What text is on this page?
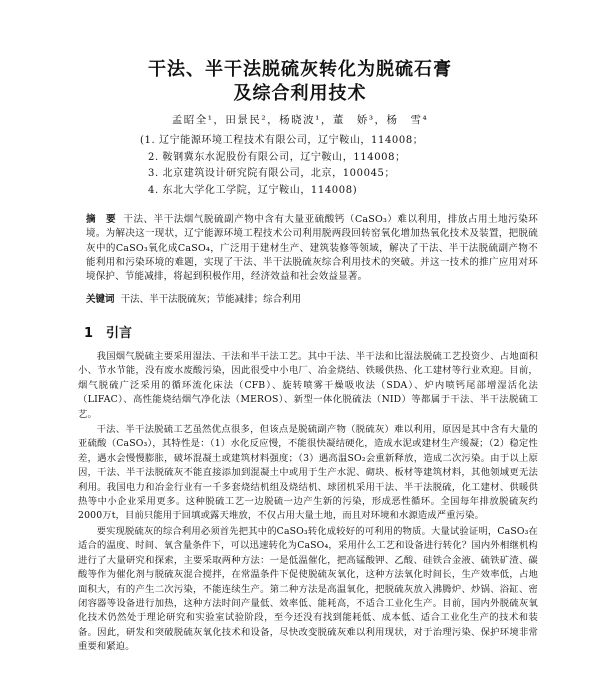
干法、半干法脱硫灰转化为脱硫石膏
及综合利用技术
孟昭全¹，田景民²，杨晓波¹，董　娇³，杨　雪⁴
(1. 辽宁能源环境工程技术有限公司，辽宁鞍山，114008；
2. 鞍钢冀东水泥股份有限公司，辽宁鞍山，114008；
3. 北京建筑设计研究院有限公司，北京，100045；
4. 东北大学化工学院，辽宁鞍山，114008)
摘　要 干法、半干法烟气脱硫副产物中含有大量亚硫酸钙（CaSO₃）难以利用，排放占用土地污染环境。为解决这一现状，辽宁能源环境工程技术公司利用脱两段回转窑氧化增加热氧化技术及装置，把脱硫灰中的CaSO₃氧化成CaSO₄，广泛用于建材生产、建筑装修等领域，解决了干法、半干法脱硫副产物不能利用和污染环境的难题，实现了干法、半干法脱硫灰综合利用技术的突破。并这一技术的推广应用对环境保护、节能减排，将起到积极作用，经济效益和社会效益显著。
关键词 干法、半干法脱硫灰；节能减排；综合利用
1　引言

我国烟气脱硫主要采用湿法、干法和半干法工艺。其中干法、半干法和比湿法脱硫工艺投资少、占地面积小、节水节能，没有废水废酸污染，因此很受中小电厂、冶金烧结、铁暖供热、化工建材等行业欢迎。目前，烟气脱硫广泛采用的循环流化床法（CFB）、旋转喷雾干燥吸收法（SDA）、炉内喷钙尾部增湿活化法（LIFAC）、高性能烧结烟气净化法（MEROS）、新型一体化脱硫法（NID）等都属于干法、半干法脱硫工艺。

干法、半干法脱硫工艺虽然优点很多，但该点是脱硫副产物（脱硫灰）难以利用，原因是其中含有大量的亚硫酸（CaSO₃），其特性是：（1）水化反应慢，不能很快凝结硬化，造成水泥或建材生产缓凝；（2）稳定性差，遇水会慢慢膨胀，破坏混凝土或建筑材料强度；（3）遇高温SO₂会重新释放，造成二次污染。由于以上原因，干法、半干法脱硫灰不能直接添加到混凝土中或用于生产水泥、砌块、板材等建筑材料，其他领域更无法利用。我国电力和冶金行业有一千多套烧结机组及烧结机、球团机采用干法、半干法脱硫，化工建材、供暖供热等中小企业采用更多。这种脱硫工艺一边脱硫一边产生新的污染，形成恶性循环。全国每年排放脱硫灰约2000万t，目前只能用于回填或露天堆放，不仅占用大量土地，而且对环境和水源造成严重污染。

要实现脱硫灰的综合利用必须首先把其中的CaSO₃转化成较好的可利用的物质。大量试验证明，CaSO₃在适合的温度、时间、氧含量条件下，可以迅速转化为CaSO₄，采用什么工艺和设备进行转化？国内外相继机构进行了大量研究和探索，主要采取两种方法：一是低温催化，把高锰酸钾、乙酸、硅铁合金液、硫铁矿渣、碳酸等作为催化剂与脱硫灰混合搅拌，在常温条件下促使脱硫灰氧化，这种方法氧化时间长，生产效率低，占地面积大，有的产生二次污染，不能连续生产。第二种方法是高温氧化，把脱硫灰放入沸腾炉、炒锅、浴缸、密闭容器等设备进行加热，这种方法时间产量低、效率低、能耗高，不适合工业化生产。目前，国内外脱硫灰氧化技术仍然处于理论研究和实验室试验阶段，至今还没有找到能耗低、成本低、适合工业化生产的技术和装备。因此，研发和突破脱硫灰氧化技术和设备，尽快改变脱硫灰难以利用现状，对于治理污染、保护环境非常重要和紧迫。
